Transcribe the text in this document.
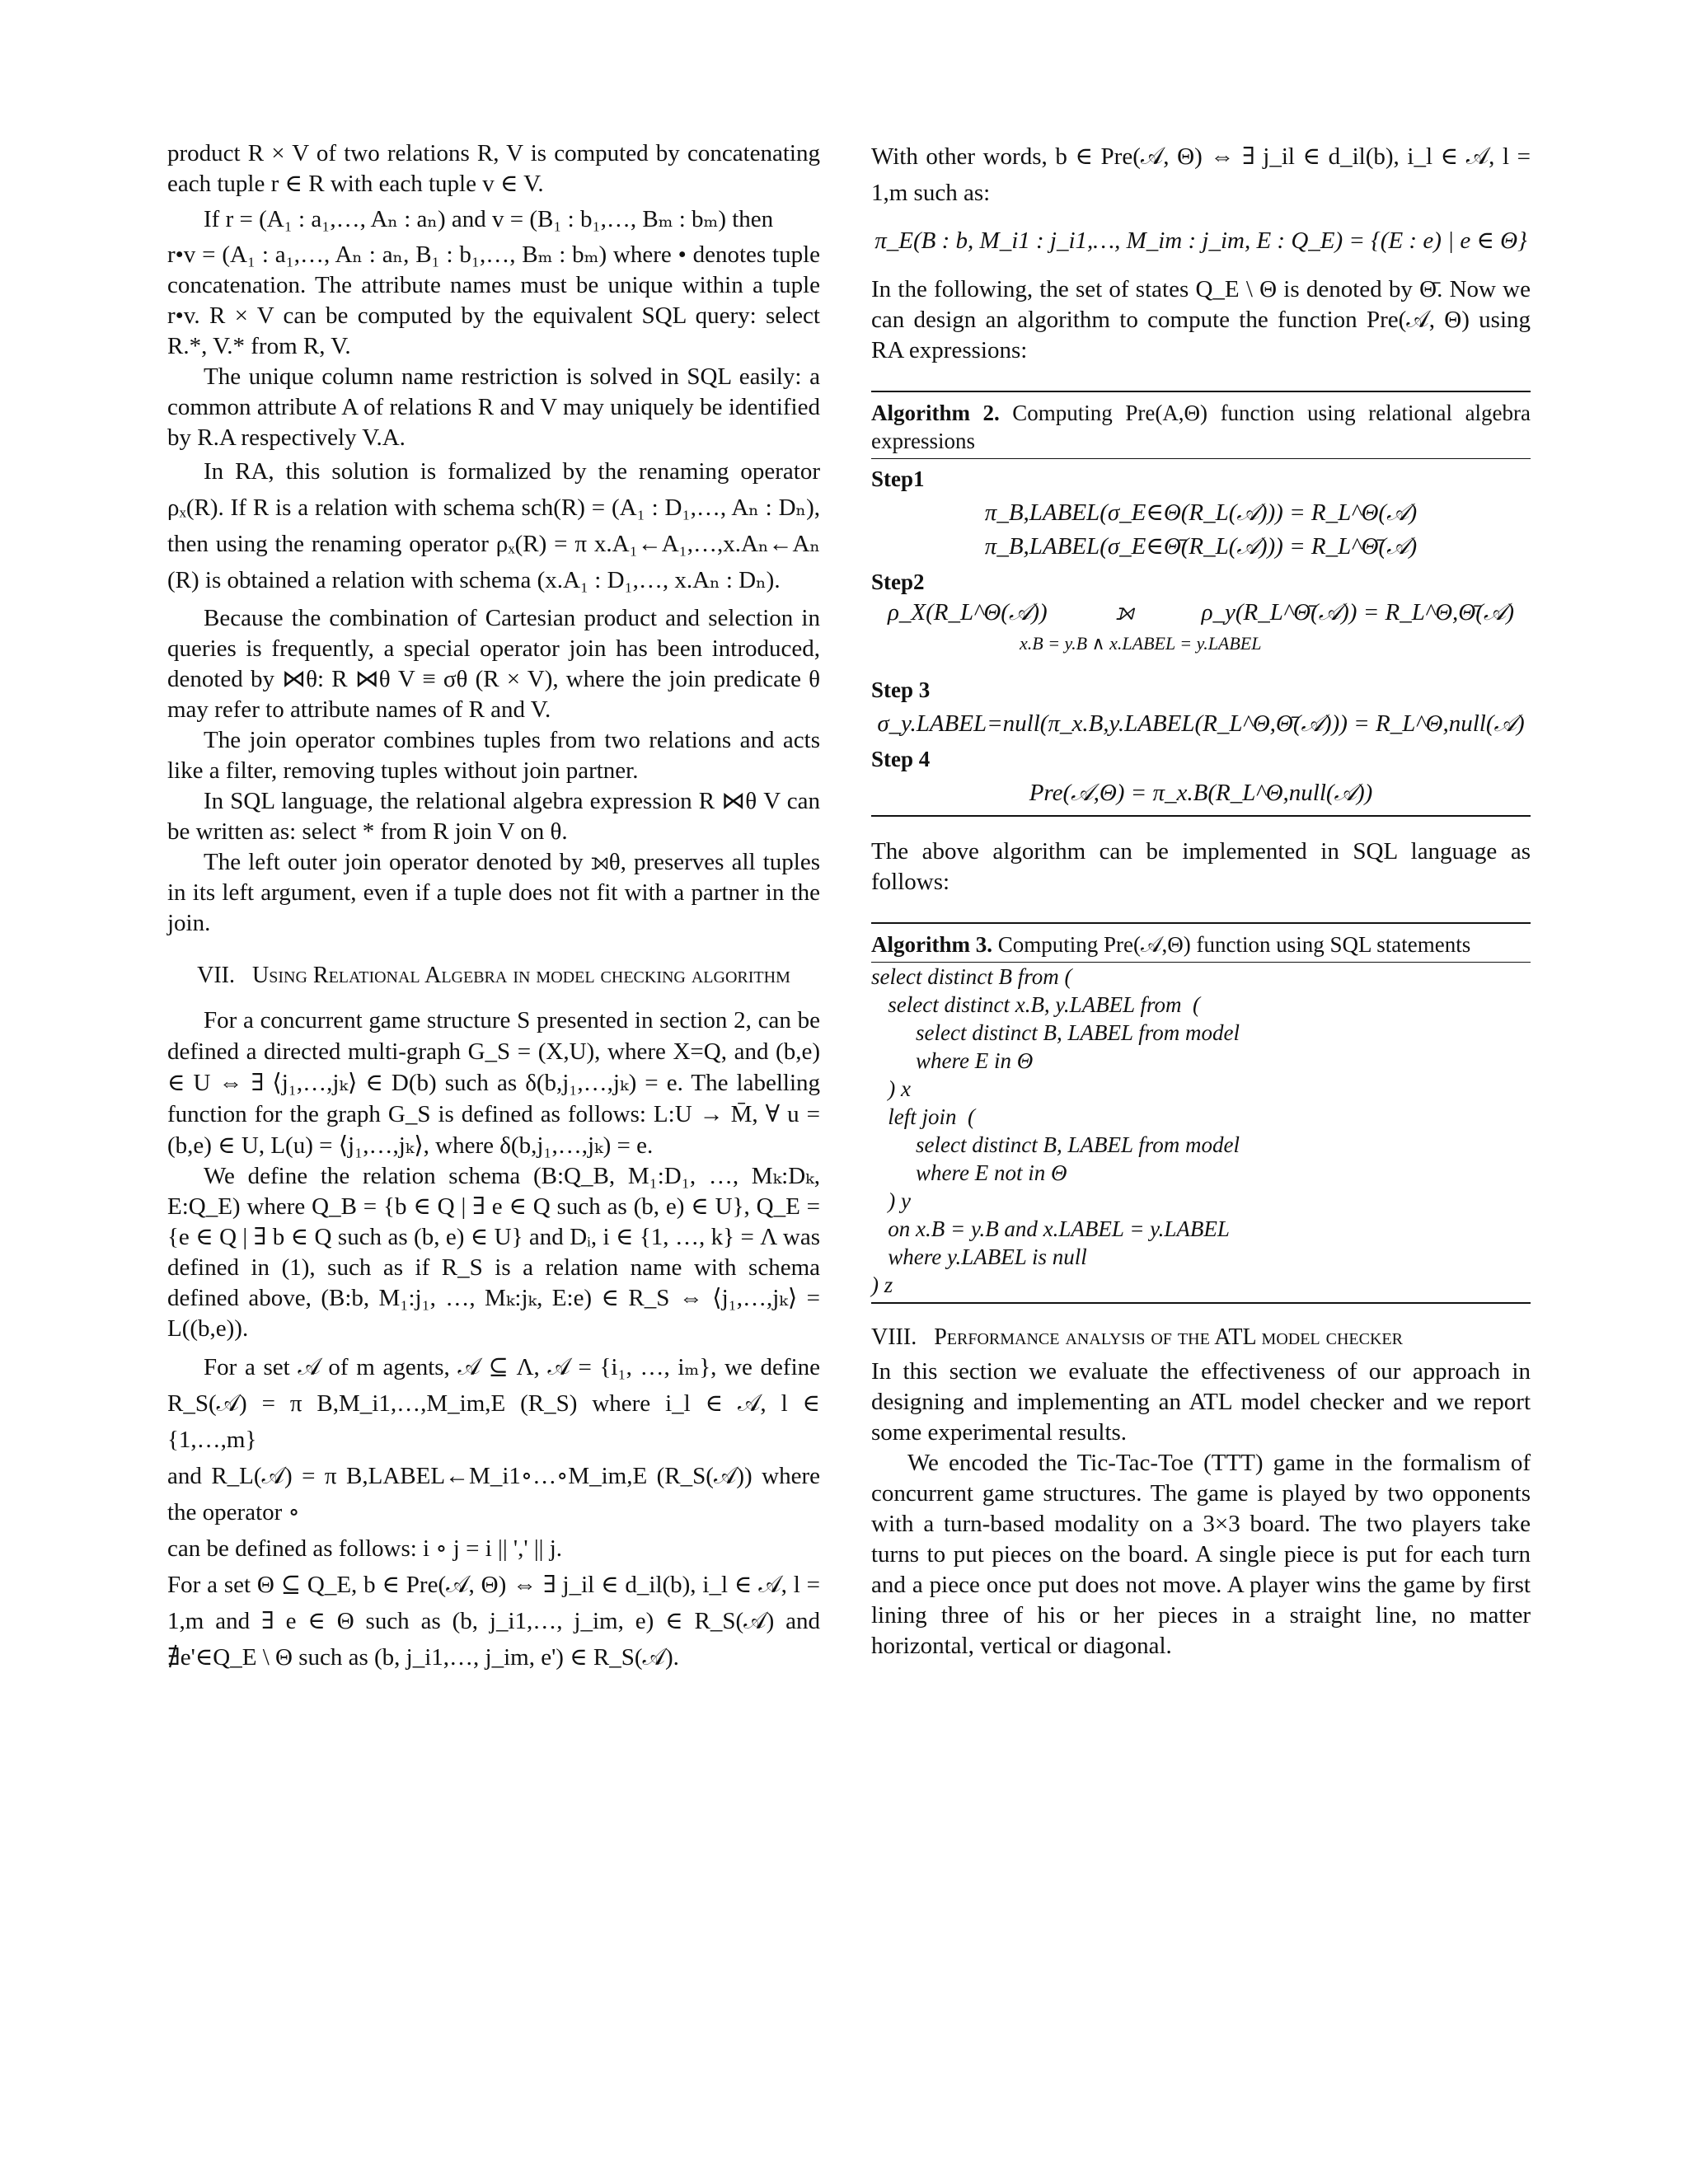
product R × V of two relations R, V is computed by concatenating each tuple r ∈ R with each tuple v ∈ V.

If r = (A₁ : a₁,…, Aₙ : aₙ) and v = (B₁ : b₁,…, Bₘ : bₘ) then

r•v = (A₁ : a₁,…, Aₙ : aₙ, B₁ : b₁,…, Bₘ : bₘ) where • denotes tuple concatenation. The attribute names must be unique within a tuple r•v. R × V can be computed by the equivalent SQL query: select R.*, V.* from R, V.

The unique column name restriction is solved in SQL easily: a common attribute A of relations R and V may uniquely be identified by R.A respectively V.A.

In RA, this solution is formalized by the renaming operator ρₓ(R). If R is a relation with schema sch(R) = (A₁ : D₁,…, Aₙ : Dₙ), then using the renaming operator ρₓ(R) = π x.A₁←A₁,…,x.Aₙ←Aₙ (R) is obtained a relation with schema (x.A₁ : D₁,…, x.Aₙ : Dₙ).

Because the combination of Cartesian product and selection in queries is frequently, a special operator join has been introduced, denoted by ⋈θ: R ⋈θ V ≡ σθ (R × V), where the join predicate θ may refer to attribute names of R and V.

The join operator combines tuples from two relations and acts like a filter, removing tuples without join partner.

In SQL language, the relational algebra expression R ⋈θ V can be written as: select * from R join V on θ.

The left outer join operator denoted by ⟕θ, preserves all tuples in its left argument, even if a tuple does not fit with a partner in the join.

VII. Using Relational Algebra in model checking algorithm

For a concurrent game structure S presented in section 2, can be defined a directed multi-graph G_S = (X,U), where X=Q, and (b,e) ∈ U ⇔ ∃ ⟨j₁,…,jₖ⟩ ∈ D(b) such as δ(b,j₁,…,jₖ) = e. The labelling function for the graph G_S is defined as follows: L:U → M̄, ∀ u = (b,e) ∈ U, L(u) = ⟨j₁,…,jₖ⟩, where δ(b,j₁,…,jₖ) = e.

We define the relation schema (B:Q_B, M₁:D₁, …, Mₖ:Dₖ, E:Q_E) where Q_B = {b ∈ Q | ∃ e ∈ Q such as (b, e) ∈ U}, Q_E = {e ∈ Q | ∃ b ∈ Q such as (b, e) ∈ U} and Dᵢ, i ∈ {1, …, k} = Λ was defined in (1), such as if R_S is a relation name with schema defined above, (B:b, M₁:j₁, …, Mₖ:jₖ, E:e) ∈ R_S ⇔ ⟨j₁,…,jₖ⟩ = L((b,e)).

For a set 𝒜 of m agents, 𝒜 ⊆ Λ, 𝒜 = {i₁, …, iₘ}, we define R_S(𝒜) = π B,M_i1,…,M_im,E (R_S) where i_l ∈ 𝒜, l ∈ {1,…,m}

and R_L(𝒜) = π B,LABEL←M_i1∘…∘M_im,E (R_S(𝒜)) where the operator ∘

can be defined as follows: i ∘ j = i || ',' || j.

For a set Θ ⊆ Q_E, b ∈ Pre(𝒜, Θ) ⇔ ∃ j_il ∈ d_il(b), i_l ∈ 𝒜, l = 1,m and ∃ e ∈ Θ such as (b, j_i1,…, j_im, e) ∈ R_S(𝒜) and ∄e'∈Q_E \ Θ such as (b, j_i1,…, j_im, e') ∈ R_S(𝒜).

With other words, b ∈ Pre(𝒜, Θ) ⇔ ∃ j_il ∈ d_il(b), i_l ∈ 𝒜, l = 1,m such as:

π_E(B : b, M_i1 : j_i1,…, M_im : j_im, E : Q_E) = {(E : e) | e ∈ Θ}

In the following, the set of states Q_E \ Θ is denoted by Θ̄. Now we can design an algorithm to compute the function Pre(𝒜, Θ) using RA expressions:

Algorithm 2. Computing Pre(A,Θ) function using relational algebra expressions
Step1
π_B,LABEL(σ_E∈Θ(R_L(𝒜))) = R_L^Θ(𝒜)
π_B,LABEL(σ_E∈Θ̄(R_L(𝒜))) = R_L^Θ̄(𝒜)
Step2
ρ_X(R_L^Θ(𝒜))	⟕	ρ_y(R_L^Θ̄(𝒜)) = R_L^Θ,Θ̄(𝒜)
x.B = y.B ∧ x.LABEL = y.LABEL
Step 3
σ_y.LABEL=null(π_x.B,y.LABEL(R_L^Θ,Θ̄(𝒜))) = R_L^Θ,null(𝒜)
Step 4
Pre(𝒜,Θ) = π_x.B(R_L^Θ,null(𝒜))

The above algorithm can be implemented in SQL language as follows:

Algorithm 3. Computing Pre(𝒜,Θ) function using SQL statements
select distinct B from (
select distinct x.B, y.LABEL from  (
select distinct B, LABEL from model
where E in Θ
) x
left join  (
select distinct B, LABEL from model
where E not in Θ
) y
on x.B = y.B and x.LABEL = y.LABEL
where y.LABEL is null
) z
VIII. Performance analysis of the ATL model checker

In this section we evaluate the effectiveness of our approach in designing and implementing an ATL model checker and we report some experimental results.

We encoded the Tic-Tac-Toe (TTT) game in the formalism of concurrent game structures. The game is played by two opponents with a turn-based modality on a 3×3 board. The two players take turns to put pieces on the board. A single piece is put for each turn and a piece once put does not move. A player wins the game by first lining three of his or her pieces in a straight line, no matter horizontal, vertical or diagonal.
